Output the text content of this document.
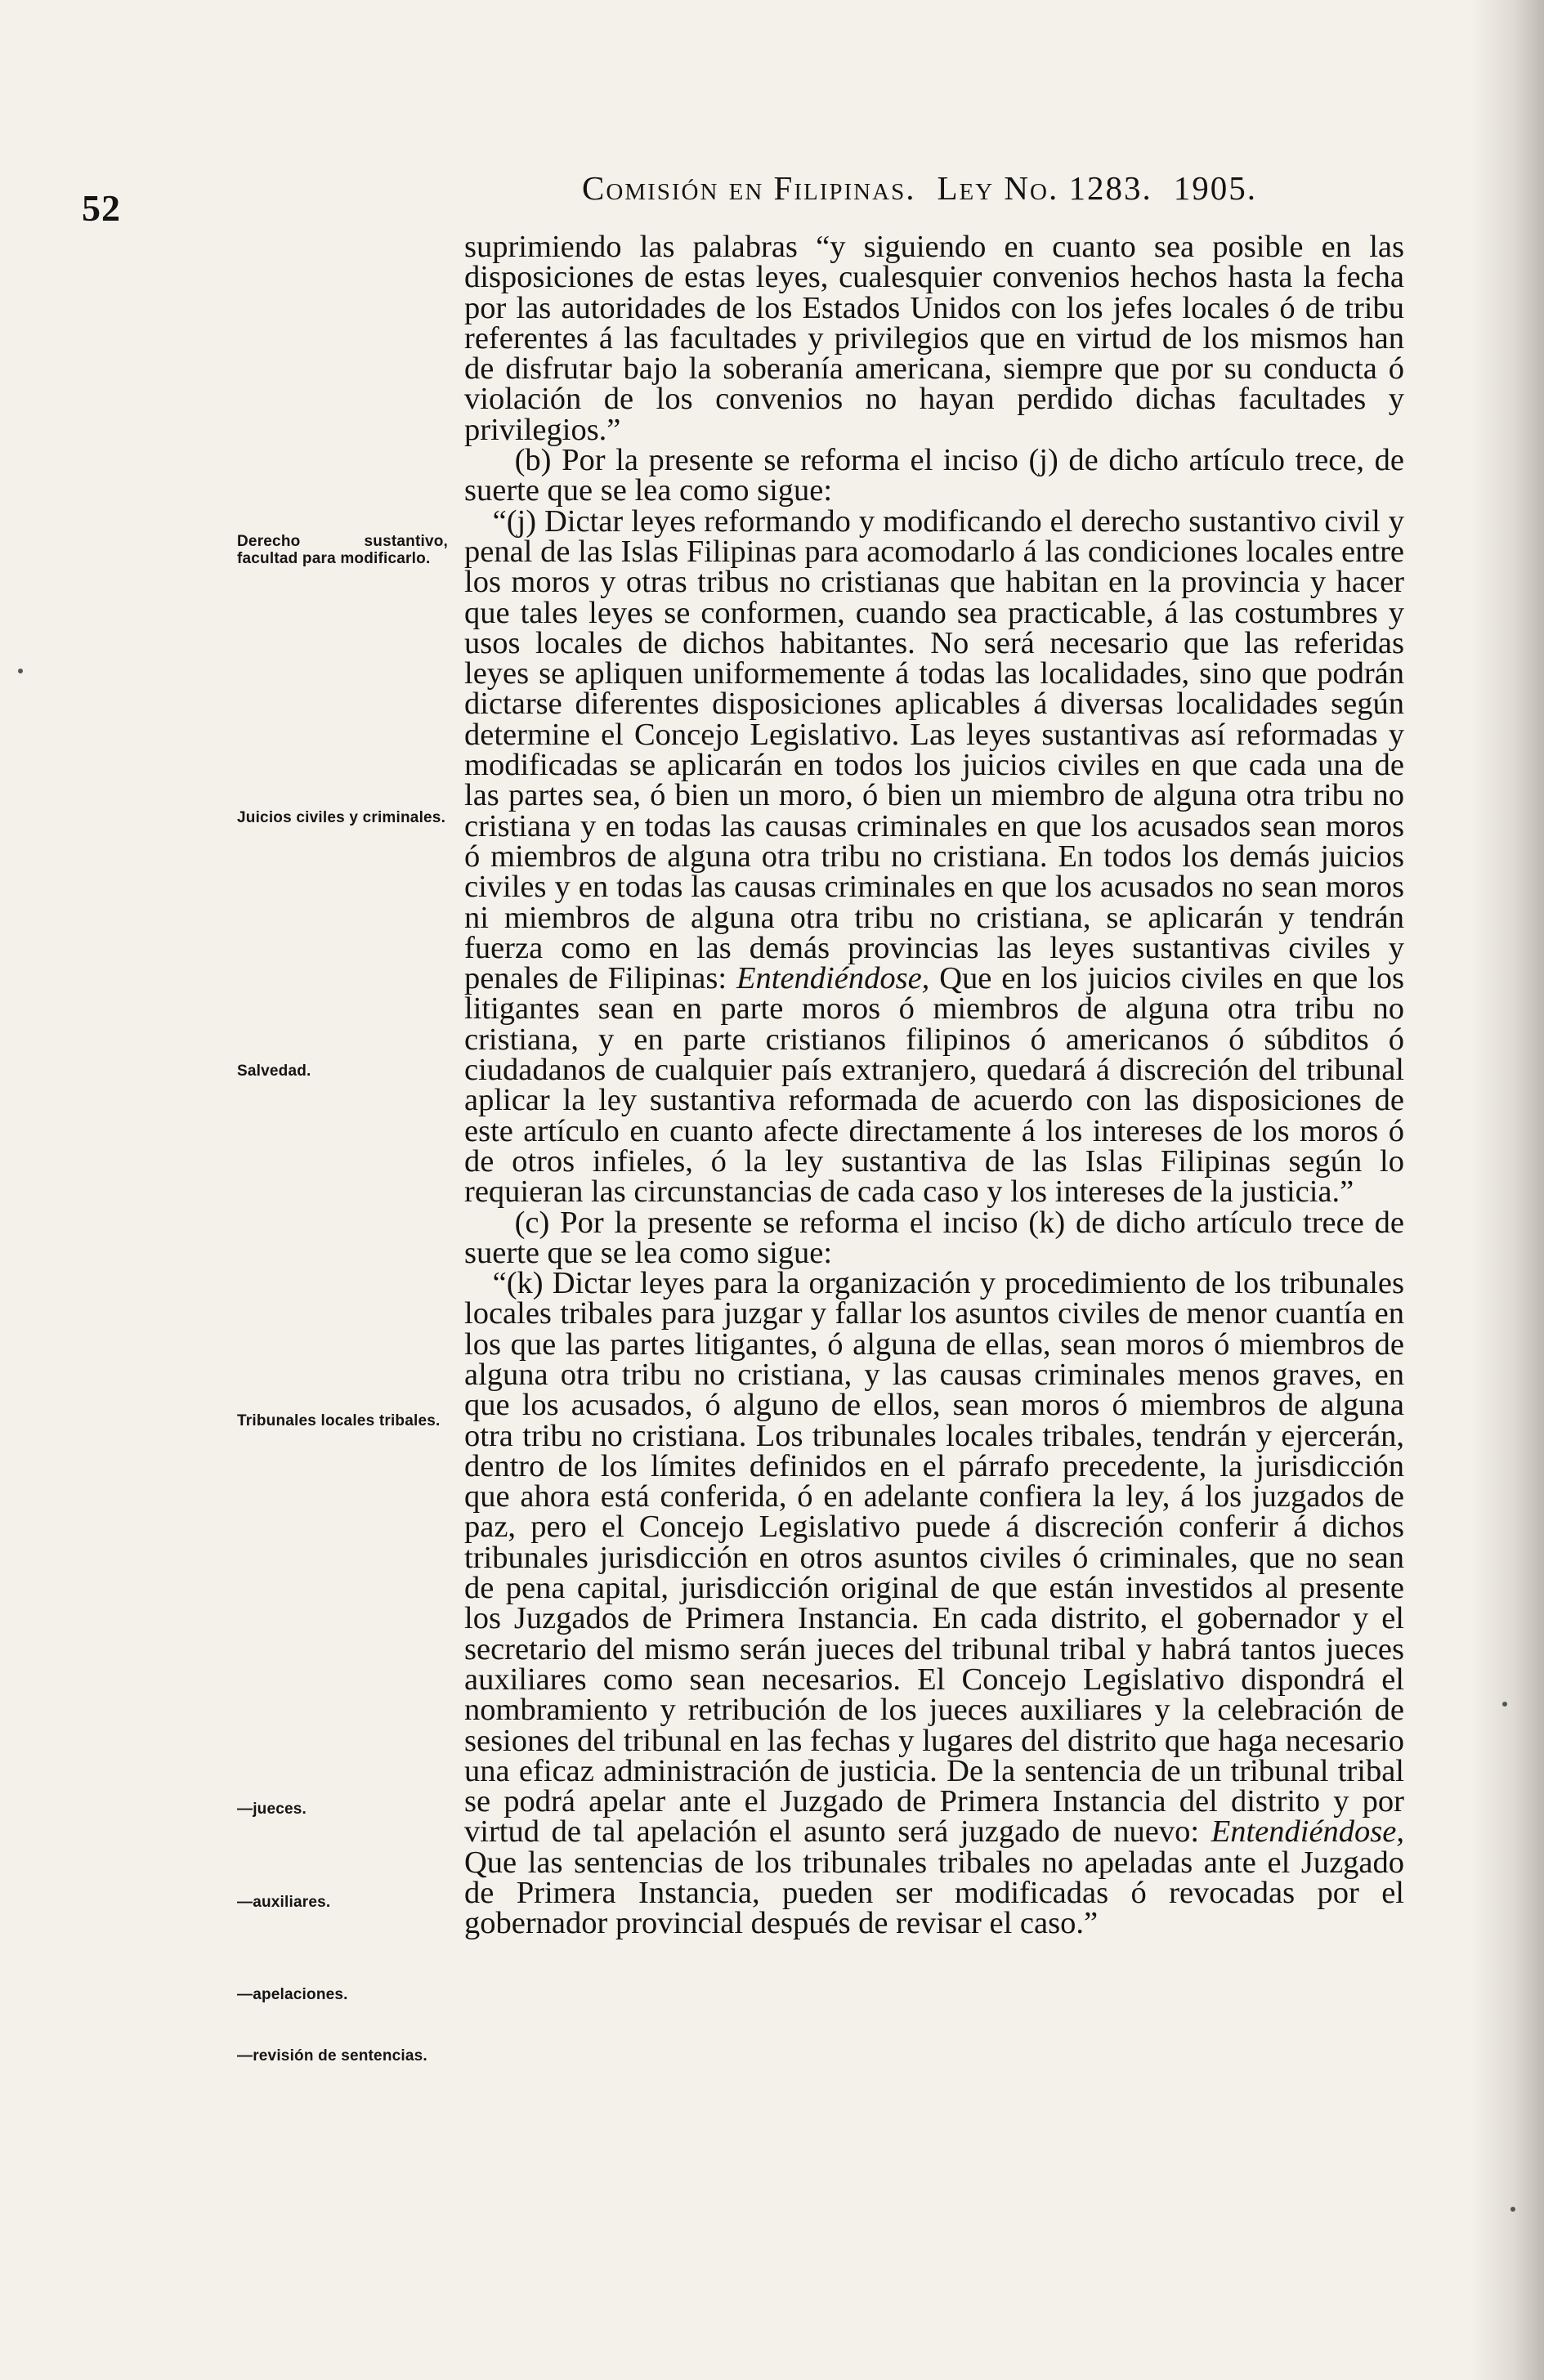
52	Comisión en Filipinas. Ley No. 1283. 1905.
Derecho sustantivo, facultad para modificarlo.
Juicios civiles y criminales.
Salvedad.
Tribunales locales tribales.
—jueces.
—auxiliares.
—apelaciones.
—revisión de sentencias.

suprimiendo las palabras “y siguiendo en cuanto sea posible en las disposiciones de estas leyes, cualesquier convenios hechos hasta la fecha por las autoridades de los Estados Unidos con los jefes locales ó de tribu referentes á las facultades y privilegios que en virtud de los mismos han de disfrutar bajo la soberanía americana, siempre que por su conducta ó violación de los convenios no hayan perdido dichas facultades y privilegios.”

(b) Por la presente se reforma el inciso (j) de dicho artículo trece, de suerte que se lea como sigue:

“(j) Dictar leyes reformando y modificando el derecho sustantivo civil y penal de las Islas Filipinas para acomodarlo á las condiciones locales entre los moros y otras tribus no cristianas que habitan en la provincia y hacer que tales leyes se conformen, cuando sea practicable, á las costumbres y usos locales de dichos habitantes. No será necesario que las referidas leyes se apliquen uniformemente á todas las localidades, sino que podrán dictarse diferentes disposiciones aplicables á diversas localidades según determine el Concejo Legislativo. Las leyes sustantivas así reformadas y modificadas se aplicarán en todos los juicios civiles en que cada una de las partes sea, ó bien un moro, ó bien un miembro de alguna otra tribu no cristiana y en todas las causas criminales en que los acusados sean moros ó miembros de alguna otra tribu no cristiana. En todos los demás juicios civiles y en todas las causas criminales en que los acusados no sean moros ni miembros de alguna otra tribu no cristiana, se aplicarán y tendrán fuerza como en las demás provincias las leyes sustantivas civiles y penales de Filipinas: Entendiéndose, Que en los juicios civiles en que los litigantes sean en parte moros ó miembros de alguna otra tribu no cristiana, y en parte cristianos filipinos ó americanos ó súbditos ó ciudadanos de cualquier país extranjero, quedará á discreción del tribunal aplicar la ley sustantiva reformada de acuerdo con las disposiciones de este artículo en cuanto afecte directamente á los intereses de los moros ó de otros infieles, ó la ley sustantiva de las Islas Filipinas según lo requieran las circunstancias de cada caso y los intereses de la justicia.”

(c) Por la presente se reforma el inciso (k) de dicho artículo trece de suerte que se lea como sigue:

“(k) Dictar leyes para la organización y procedimiento de los tribunales locales tribales para juzgar y fallar los asuntos civiles de menor cuantía en los que las partes litigantes, ó alguna de ellas, sean moros ó miembros de alguna otra tribu no cristiana, y las causas criminales menos graves, en que los acusados, ó alguno de ellos, sean moros ó miembros de alguna otra tribu no cristiana. Los tribunales locales tribales, tendrán y ejercerán, dentro de los límites definidos en el párrafo precedente, la jurisdicción que ahora está conferida, ó en adelante confiera la ley, á los juzgados de paz, pero el Concejo Legislativo puede á discreción conferir á dichos tribunales jurisdicción en otros asuntos civiles ó criminales, que no sean de pena capital, jurisdicción original de que están investidos al presente los Juzgados de Primera Instancia. En cada distrito, el gobernador y el secretario del mismo serán jueces del tribunal tribal y habrá tantos jueces auxiliares como sean necesarios. El Concejo Legislativo dispondrá el nombramiento y retribución de los jueces auxiliares y la celebración de sesiones del tribunal en las fechas y lugares del distrito que haga necesario una eficaz administración de justicia. De la sentencia de un tribunal tribal se podrá apelar ante el Juzgado de Primera Instancia del distrito y por virtud de tal apelación el asunto será juzgado de nuevo: Entendiéndose, Que las sentencias de los tribunales tribales no apeladas ante el Juzgado de Primera Instancia, pueden ser modificadas ó revocadas por el gobernador provincial después de revisar el caso.”
